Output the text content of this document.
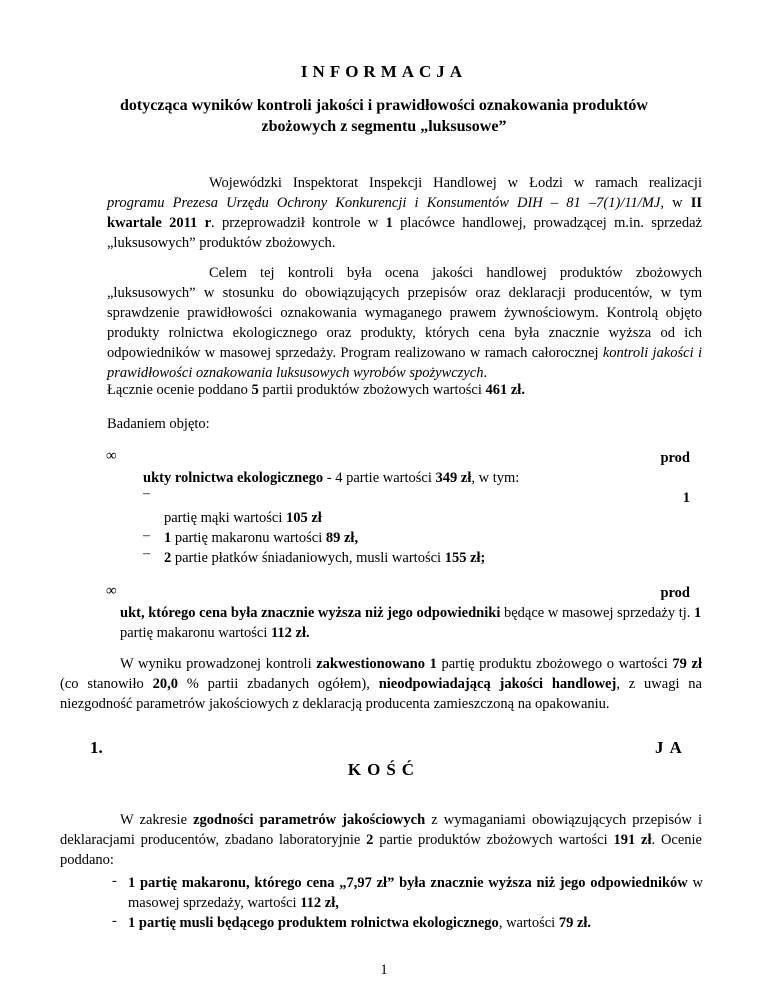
INFORMACJA
dotycząca wyników kontroli jakości i prawidłowości oznakowania produktów
zbożowych z segmentu „luksusowe”
Wojewódzki Inspektorat Inspekcji Handlowej w Łodzi w ramach realizacji programu Prezesa Urzędu Ochrony Konkurencji i Konsumentów DIH – 81 –7(1)/11/MJ, w II kwartale 2011 r. przeprowadził kontrole w 1 placówce handlowej, prowadzącej m.in. sprzedaż „luksusowych” produktów zbożowych.
Celem tej kontroli była ocena jakości handlowej produktów zbożowych „luksusowych” w stosunku do obowiązujących przepisów oraz deklaracji producentów, w tym sprawdzenie prawidłowości oznakowania wymaganego prawem żywnościowym. Kontrolą objęto produkty rolnictwa ekologicznego oraz produkty, których cena była znacznie wyższa od ich odpowiedników w masowej sprzedaży. Program realizowano w ramach całorocznej kontroli jakości i prawidłowości oznakowania luksusowych wyrobów spożywczych.
Łącznie ocenie poddano 5 partii produktów zbożowych wartości 461 zł.
Badaniem objęto:
∞	prod
ukty rolnictwa ekologicznego - 4 partie wartości 349 zł, w tym:
–	1
partię mąki wartości 105 zł
– 1 partię makaronu wartości 89 zł,
– 2 partie płatków śniadaniowych, musli wartości 155 zł;
∞	prod
ukt, którego cena była znacznie wyższa niż jego odpowiedniki będące w masowej sprzedaży tj. 1 partię makaronu wartości 112 zł.
W wyniku prowadzonej kontroli zakwestionowano 1 partię produktu zbożowego o wartości 79 zł (co stanowiło 20,0 % partii zbadanych ogółem), nieodpowiadającą jakości handlowej, z uwagi na niezgodność parametrów jakościowych z deklaracją producenta zamieszczoną na opakowaniu.
1.	JA
KOŚĆ
W zakresie zgodności parametrów jakościowych z wymaganiami obowiązujących przepisów i deklaracjami producentów, zbadano laboratoryjnie 2 partie produktów zbożowych wartości 191 zł. Ocenie poddano:
- 1 partię makaronu, którego cena „7,97 zł” była znacznie wyższa niż jego odpowiedników w masowej sprzedaży, wartości 112 zł,
- 1 partię musli będącego produktem rolnictwa ekologicznego, wartości 79 zł.
1
